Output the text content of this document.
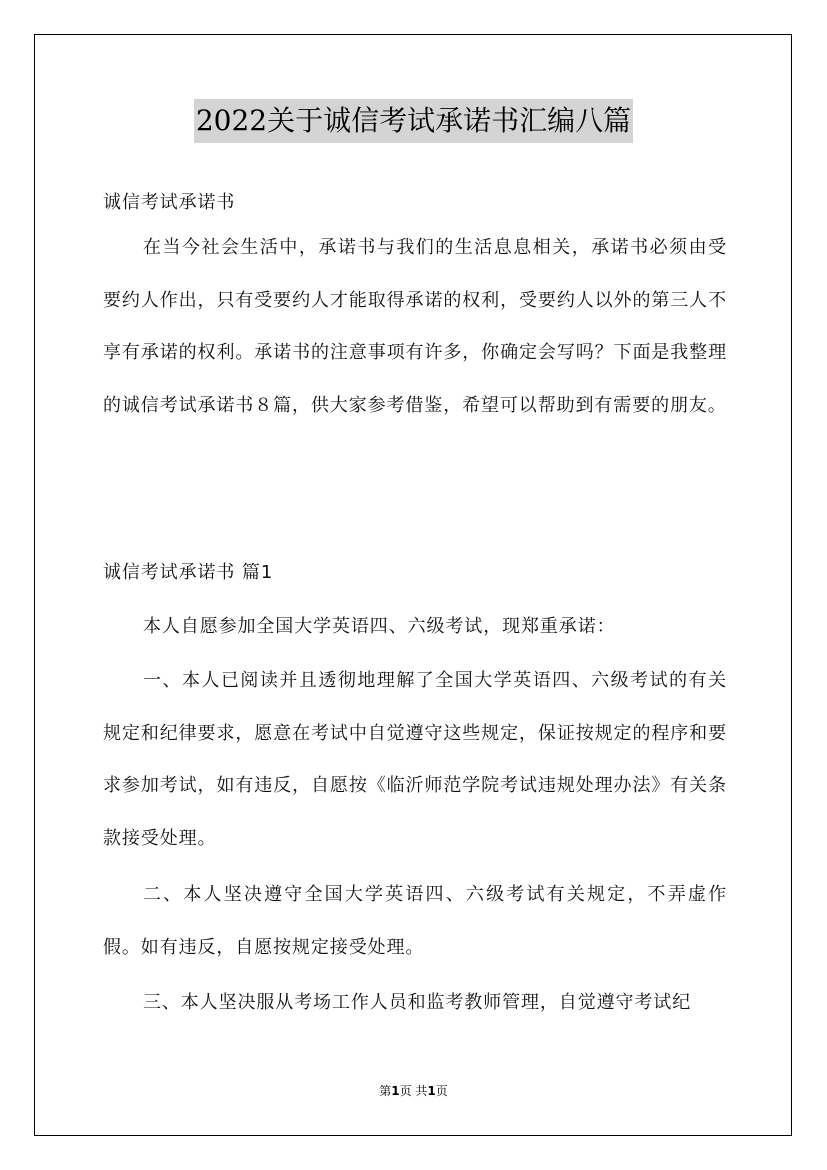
2022关于诚信考试承诺书汇编八篇
诚信考试承诺书
在当今社会生活中，承诺书与我们的生活息息相关，承诺书必须由受要约人作出，只有受要约人才能取得承诺的权利，受要约人以外的第三人不享有承诺的权利。承诺书的注意事项有许多，你确定会写吗？下面是我整理的诚信考试承诺书８篇，供大家参考借鉴，希望可以帮助到有需要的朋友。
诚信考试承诺书 篇1
本人自愿参加全国大学英语四、六级考试，现郑重承诺：
一、本人已阅读并且透彻地理解了全国大学英语四、六级考试的有关规定和纪律要求，愿意在考试中自觉遵守这些规定，保证按规定的程序和要求参加考试，如有违反，自愿按《临沂师范学院考试违规处理办法》有关条款接受处理。
二、本人坚决遵守全国大学英语四、六级考试有关规定，不弄虚作假。如有违反，自愿按规定接受处理。
三、本人坚决服从考场工作人员和监考教师管理，自觉遵守考试纪
第1页 共1页
